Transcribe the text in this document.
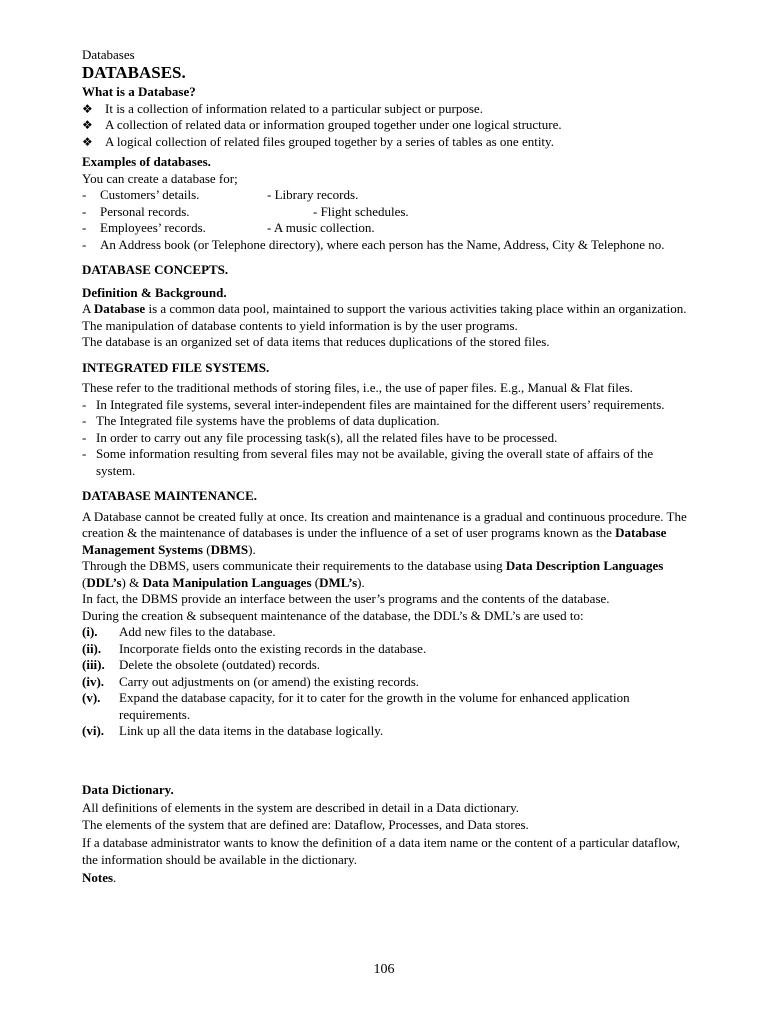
Databases

DATABASES.

What is a Database?

❖ It is a collection of information related to a particular subject or purpose.
❖ A collection of related data or information grouped together under one logical structure.
❖ A logical collection of related files grouped together by a series of tables as one entity.

Examples of databases.

You can create a database for;

- Customers’ details.	- Library records.
- Personal records.	- Flight schedules.
- Employees’ records.	- A music collection.
- An Address book (or Telephone directory), where each person has the Name, Address, City & Telephone no.

DATABASE CONCEPTS.

Definition & Background.

A Database is a common data pool, maintained to support the various activities taking place within an organization.

The manipulation of database contents to yield information is by the user programs.

The database is an organized set of data items that reduces duplications of the stored files.

INTEGRATED FILE SYSTEMS.

These refer to the traditional methods of storing files, i.e., the use of paper files. E.g., Manual & Flat files.

- In Integrated file systems, several inter-independent files are maintained for the different users’ requirements.
- The Integrated file systems have the problems of data duplication.
- In order to carry out any file processing task(s), all the related files have to be processed.
- Some information resulting from several files may not be available, giving the overall state of affairs of the system.

DATABASE MAINTENANCE.

A Database cannot be created fully at once. Its creation and maintenance is a gradual and continuous procedure. The creation & the maintenance of databases is under the influence of a set of user programs known as the Database Management Systems (DBMS).

Through the DBMS, users communicate their requirements to the database using Data Description Languages (DDL’s) & Data Manipulation Languages (DML’s).

In fact, the DBMS provide an interface between the user’s programs and the contents of the database.

During the creation & subsequent maintenance of the database, the DDL’s & DML’s are used to:

(i). Add new files to the database.
(ii). Incorporate fields onto the existing records in the database.
(iii). Delete the obsolete (outdated) records.
(iv). Carry out adjustments on (or amend) the existing records.
(v). Expand the database capacity, for it to cater for the growth in the volume for enhanced application requirements.
(vi). Link up all the data items in the database logically.

Data Dictionary.

All definitions of elements in the system are described in detail in a Data dictionary.

The elements of the system that are defined are: Dataflow, Processes, and Data stores.

If a database administrator wants to know the definition of a data item name or the content of a particular dataflow, the information should be available in the dictionary.

Notes.

106
